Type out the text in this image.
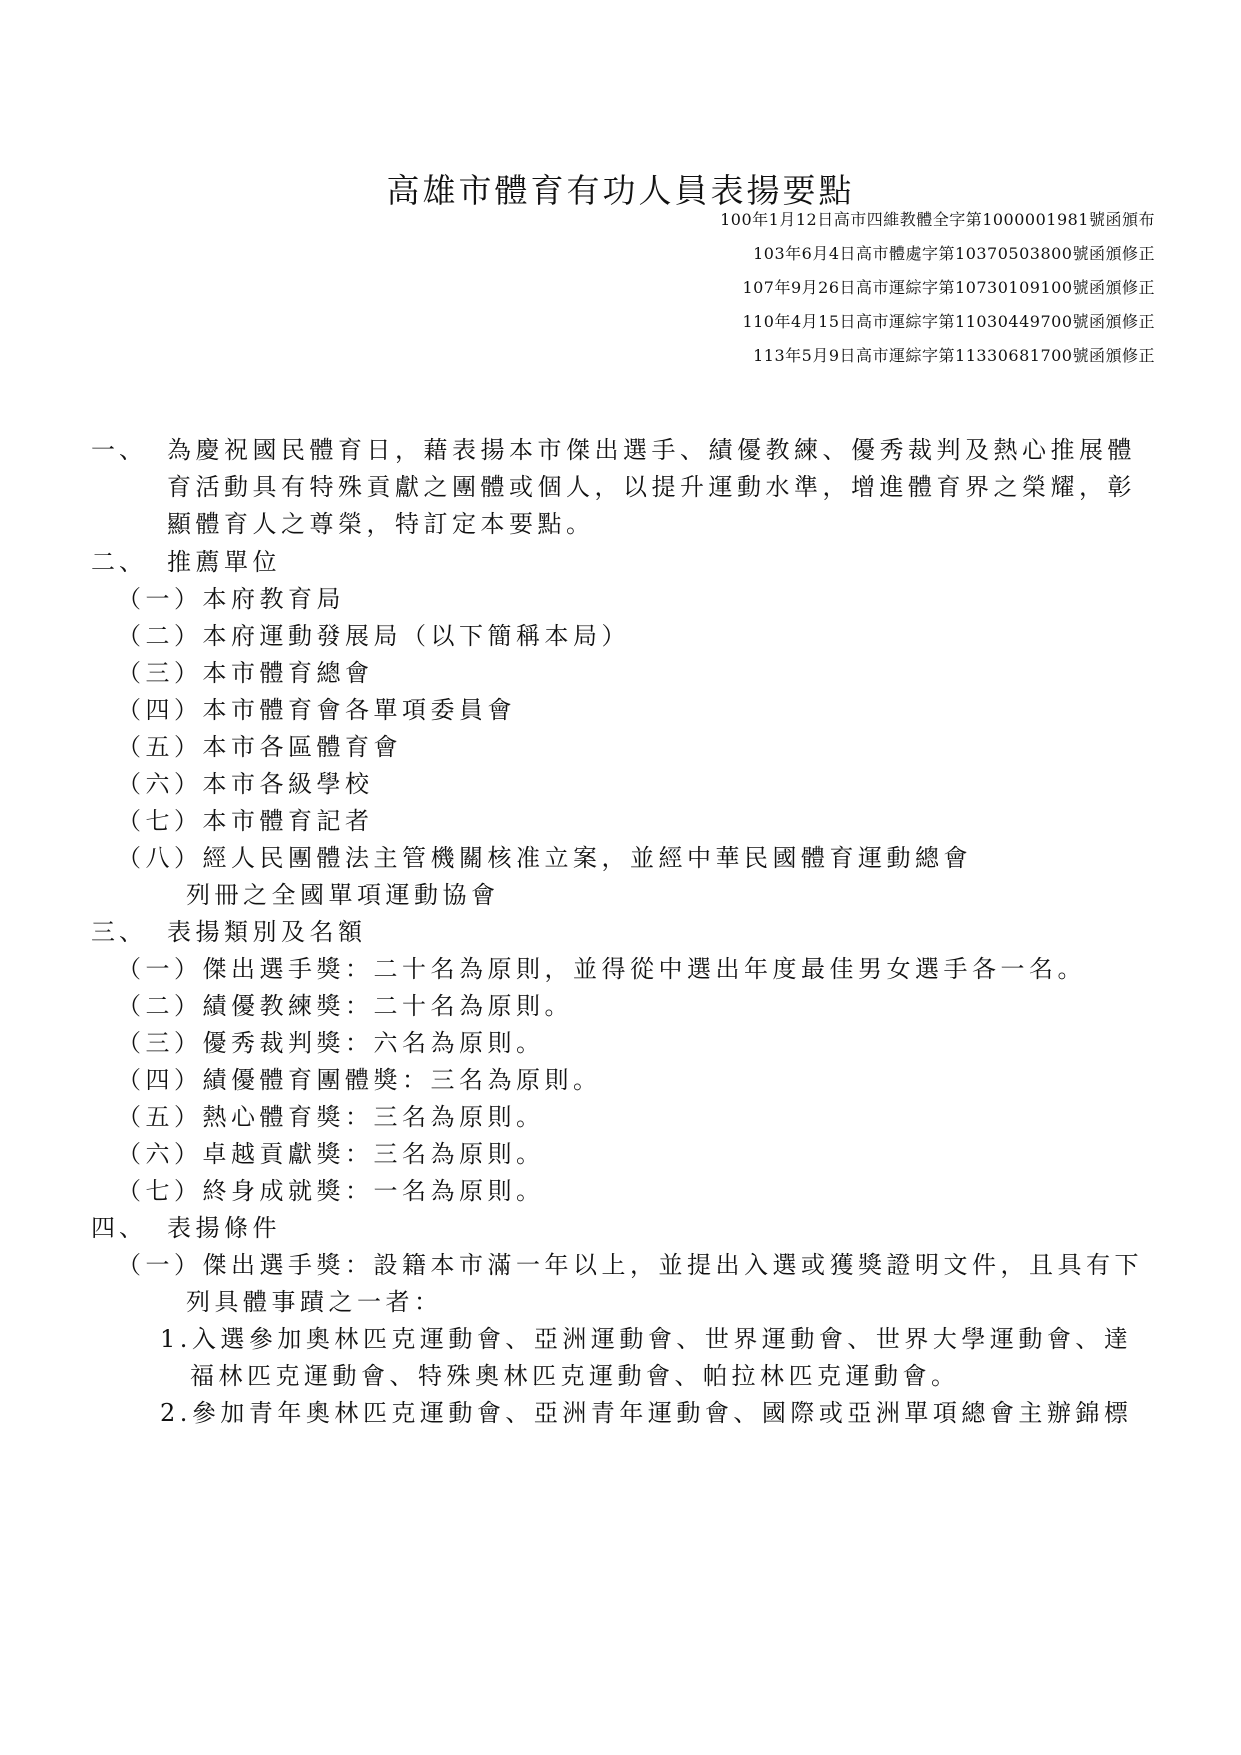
高雄市體育有功人員表揚要點
100年1月12日高市四維教體全字第1000001981號函頒布
103年6月4日高市體處字第10370503800號函頒修正
107年9月26日高市運綜字第10730109100號函頒修正
110年4月15日高市運綜字第11030449700號函頒修正
113年5月9日高市運綜字第11330681700號函頒修正
一、 為慶祝國民體育日，藉表揚本市傑出選手、績優教練、優秀裁判及熱心推展體
育活動具有特殊貢獻之團體或個人，以提升運動水準，增進體育界之榮耀，彰
顯體育人之尊榮，特訂定本要點。
二、 推薦單位
（一）本府教育局
（二）本府運動發展局（以下簡稱本局）
（三）本市體育總會
（四）本市體育會各單項委員會
（五）本市各區體育會
（六）本市各級學校
（七）本市體育記者
（八）經人民團體法主管機關核准立案，並經中華民國體育運動總會
列冊之全國單項運動協會
三、 表揚類別及名額
（一）傑出選手獎：二十名為原則，並得從中選出年度最佳男女選手各一名。
（二）績優教練獎：二十名為原則。
（三）優秀裁判獎：六名為原則。
（四）績優體育團體獎：三名為原則。
（五）熱心體育獎：三名為原則。
（六）卓越貢獻獎：三名為原則。
（七）終身成就獎：一名為原則。
四、 表揚條件
（一）傑出選手獎：設籍本市滿一年以上，並提出入選或獲獎證明文件，且具有下
列具體事蹟之一者：
1.入選參加奧林匹克運動會、亞洲運動會、世界運動會、世界大學運動會、達
福林匹克運動會、特殊奧林匹克運動會、帕拉林匹克運動會。
2.參加青年奧林匹克運動會、亞洲青年運動會、國際或亞洲單項總會主辦錦標
